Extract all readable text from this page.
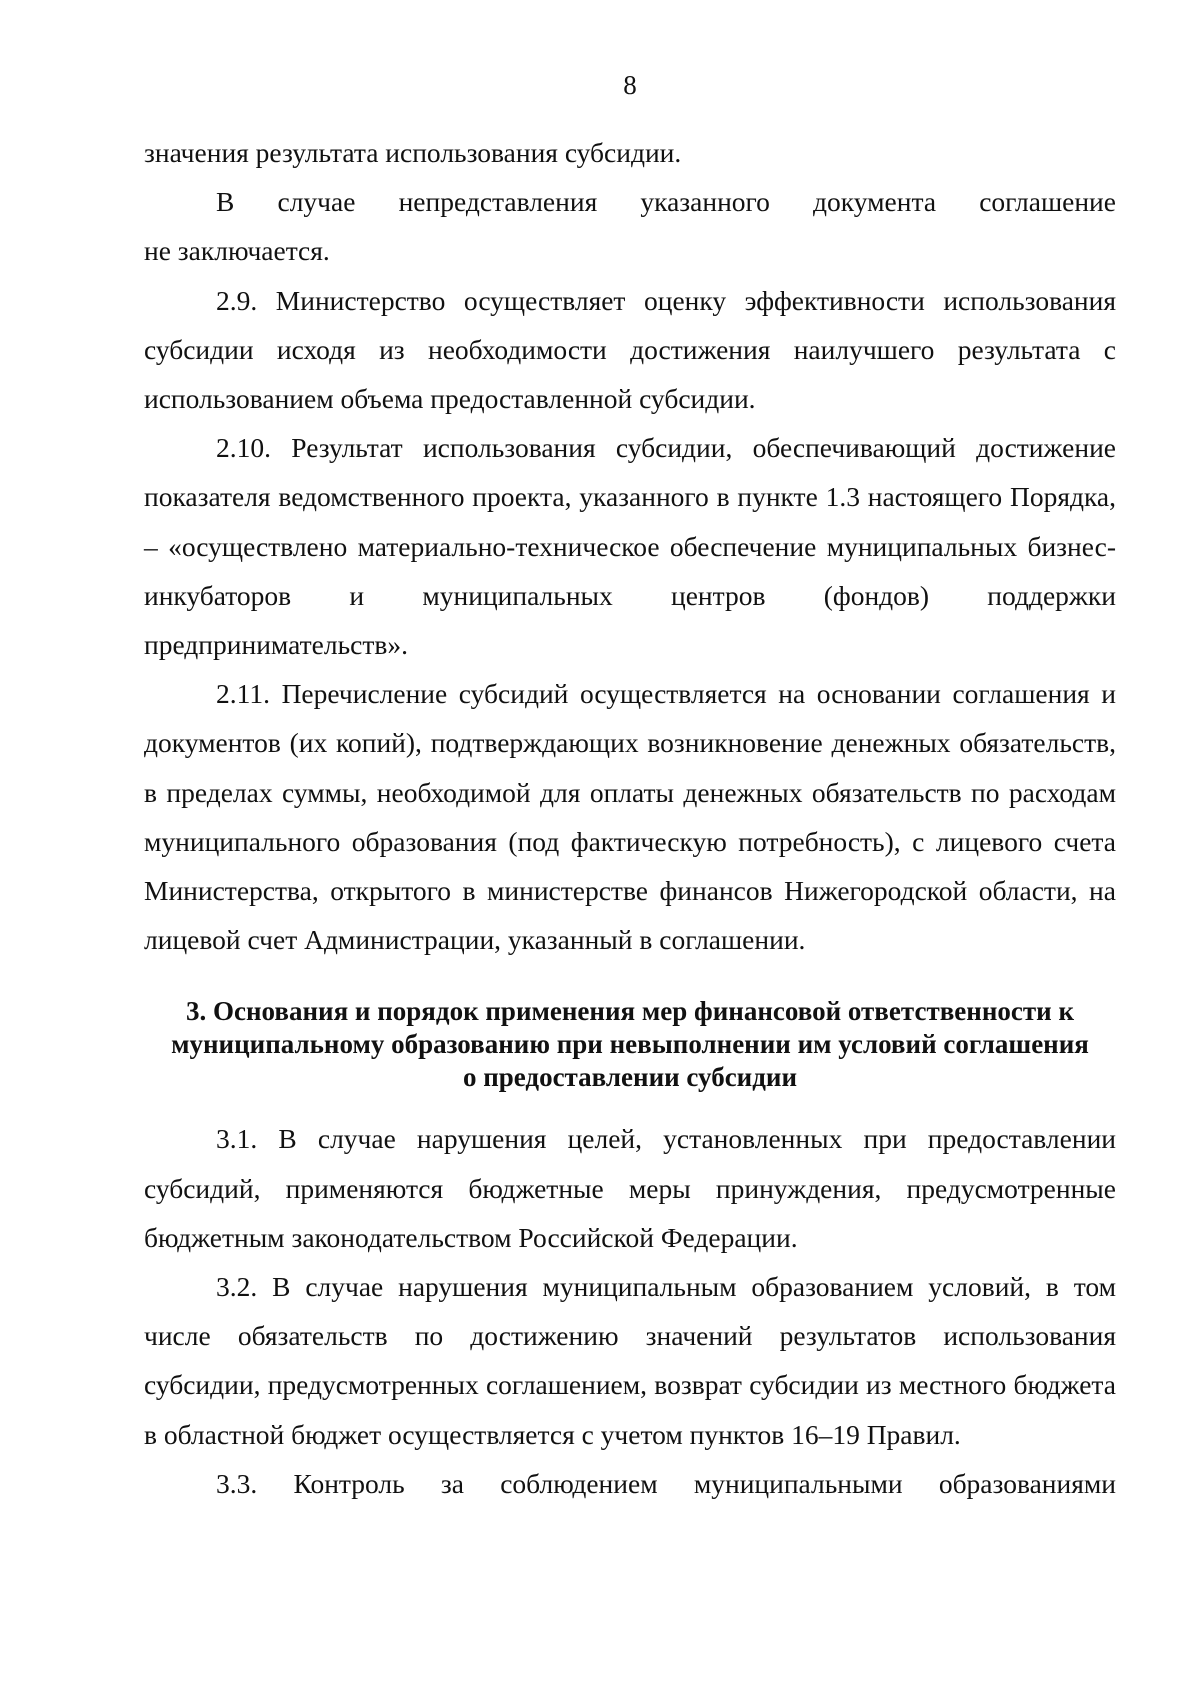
8

значения результата использования субсидии.

В случае непредставления указанного документа соглашение

не заключается.

2.9. Министерство осуществляет оценку эффективности использования субсидии исходя из необходимости достижения наилучшего результата с использованием объема предоставленной субсидии.

2.10. Результат использования субсидии, обеспечивающий достижение показателя ведомственного проекта, указанного в пункте 1.3 настоящего Порядка, – «осуществлено материально-техническое обеспечение муниципальных бизнес-инкубаторов и муниципальных центров (фондов) поддержки предпринимательств».

2.11. Перечисление субсидий осуществляется на основании соглашения и документов (их копий), подтверждающих возникновение денежных обязательств, в пределах суммы, необходимой для оплаты денежных обязательств по расходам муниципального образования (под фактическую потребность), с лицевого счета Министерства, открытого в министерстве финансов Нижегородской области, на лицевой счет Администрации, указанный в соглашении.

3. Основания и порядок применения мер финансовой ответственности к
муниципальному образованию при невыполнении им условий соглашения
о предоставлении субсидии

3.1. В случае нарушения целей, установленных при предоставлении субсидий, применяются бюджетные меры принуждения, предусмотренные бюджетным законодательством Российской Федерации.

3.2. В случае нарушения муниципальным образованием условий, в том числе обязательств по достижению значений результатов использования субсидии, предусмотренных соглашением, возврат субсидии из местного бюджета в областной бюджет осуществляется с учетом пунктов 16–19 Правил.

3.3. Контроль за соблюдением муниципальными образованиями
